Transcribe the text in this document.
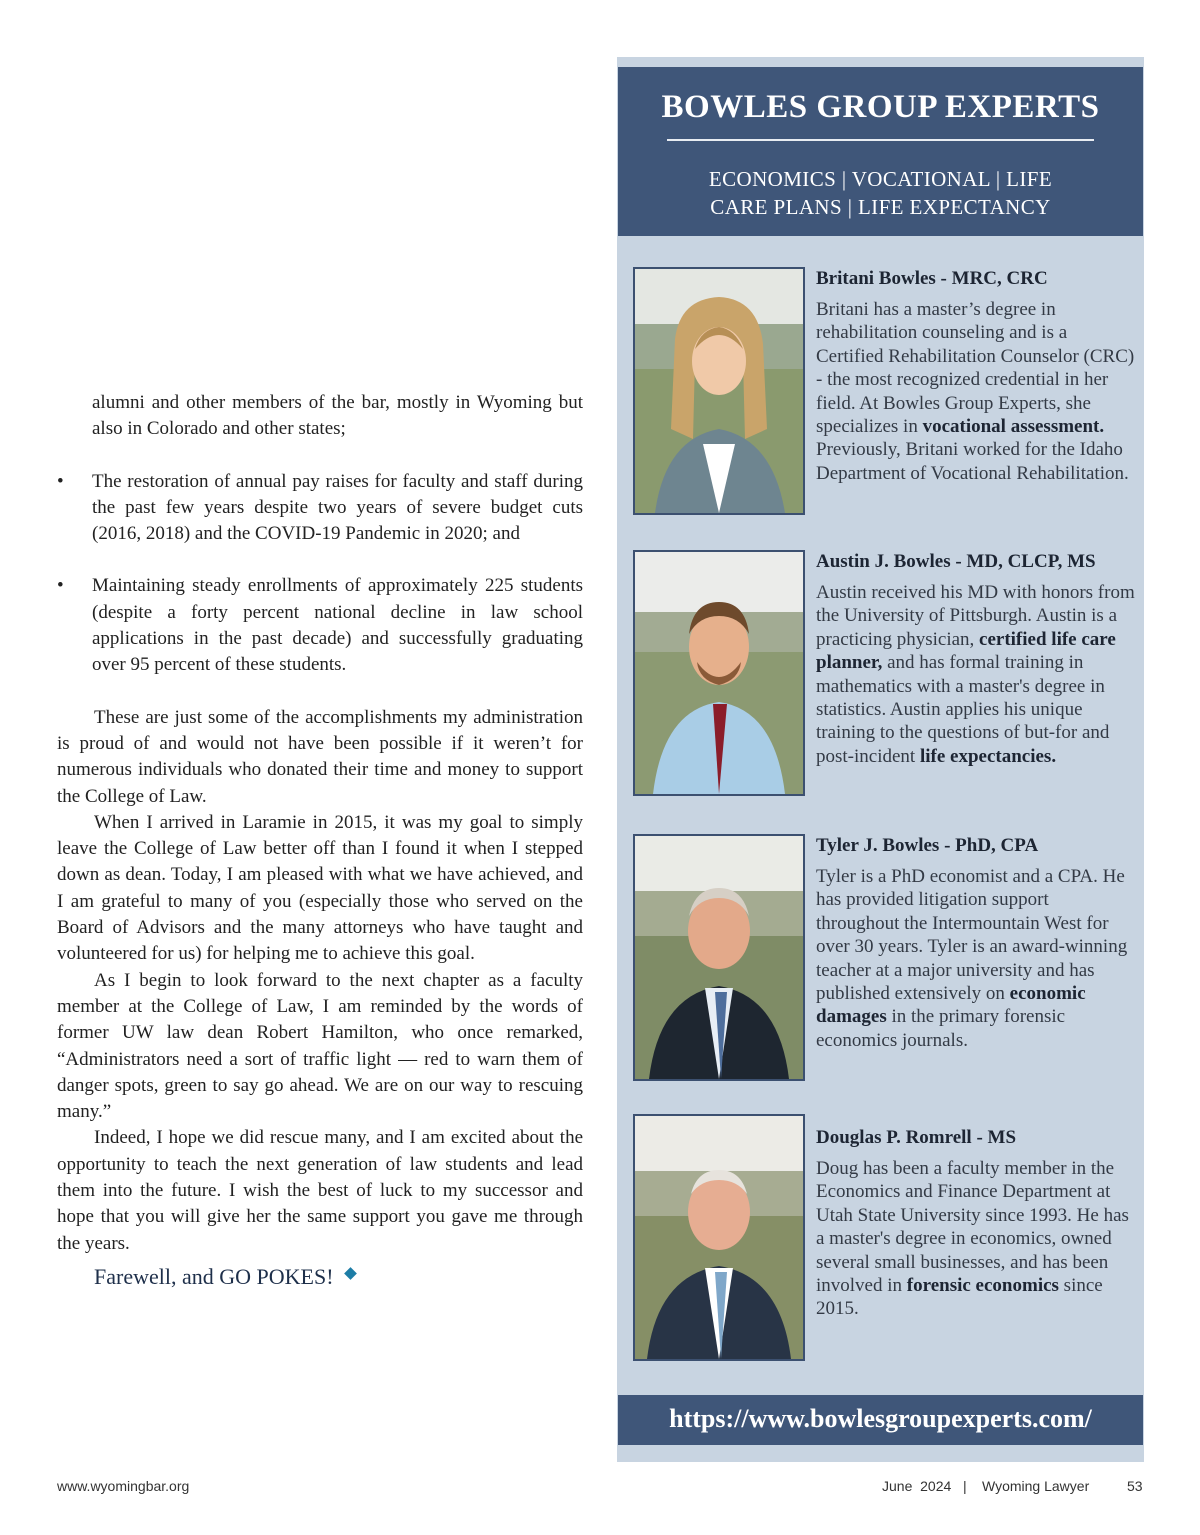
alumni and other members of the bar, mostly in Wyoming but also in Colorado and other states;

• The restoration of annual pay raises for faculty and staff during the past few years despite two years of severe budget cuts (2016, 2018) and the COVID-19 Pandemic in 2020; and
• Maintaining steady enrollments of approximately 225 students (despite a forty percent national decline in law school applications in the past decade) and successfully graduating over 95 percent of these students.

These are just some of the accomplishments my administration is proud of and would not have been possible if it weren’t for numerous individuals who donated their time and money to support the College of Law.

When I arrived in Laramie in 2015, it was my goal to simply leave the College of Law better off than I found it when I stepped down as dean. Today, I am pleased with what we have achieved, and I am grateful to many of you (especially those who served on the Board of Advisors and the many attorneys who have taught and volunteered for us) for helping me to achieve this goal.

As I begin to look forward to the next chapter as a faculty member at the College of Law, I am reminded by the words of former UW law dean Robert Hamilton, who once remarked, “Administrators need a sort of traffic light — red to warn them of danger spots, green to say go ahead. We are on our way to rescuing many.”

Indeed, I hope we did rescue many, and I am excited about the opportunity to teach the next generation of law students and lead them into the future. I wish the best of luck to my successor and hope that you will give her the same support you gave me through the years.

Farewell, and GO POKES!
BOWLES GROUP EXPERTS
ECONOMICS | VOCATIONAL | LIFE
CARE PLANS | LIFE EXPECTANCY
Britani Bowles - MRC, CRC
Britani has a master’s degree in rehabilitation counseling and is a Certified Rehabilitation Counselor (CRC) - the most recognized credential in her field. At Bowles Group Experts, she specializes in vocational assessment. Previously, Britani worked for the Idaho Department of Vocational Rehabilitation.
Austin J. Bowles - MD, CLCP, MS
Austin received his MD with honors from the University of Pittsburgh. Austin is a practicing physician, certified life care planner, and has formal training in mathematics with a master's degree in statistics. Austin applies his unique training to the questions of but-for and post-incident life expectancies.
Tyler J. Bowles - PhD, CPA
Tyler is a PhD economist and a CPA. He has provided litigation support throughout the Intermountain West for over 30 years. Tyler is an award-winning teacher at a major university and has published extensively on economic damages in the primary forensic economics journals.
Douglas P. Romrell - MS
Doug has been a faculty member in the Economics and Finance Department at Utah State University since 1993. He has a master's degree in economics, owned several small businesses, and has been involved in forensic economics since 2015.
https://www.bowlesgroupexperts.com/
www.wyomingbar.org	June  2024 | Wyoming Lawyer	53
